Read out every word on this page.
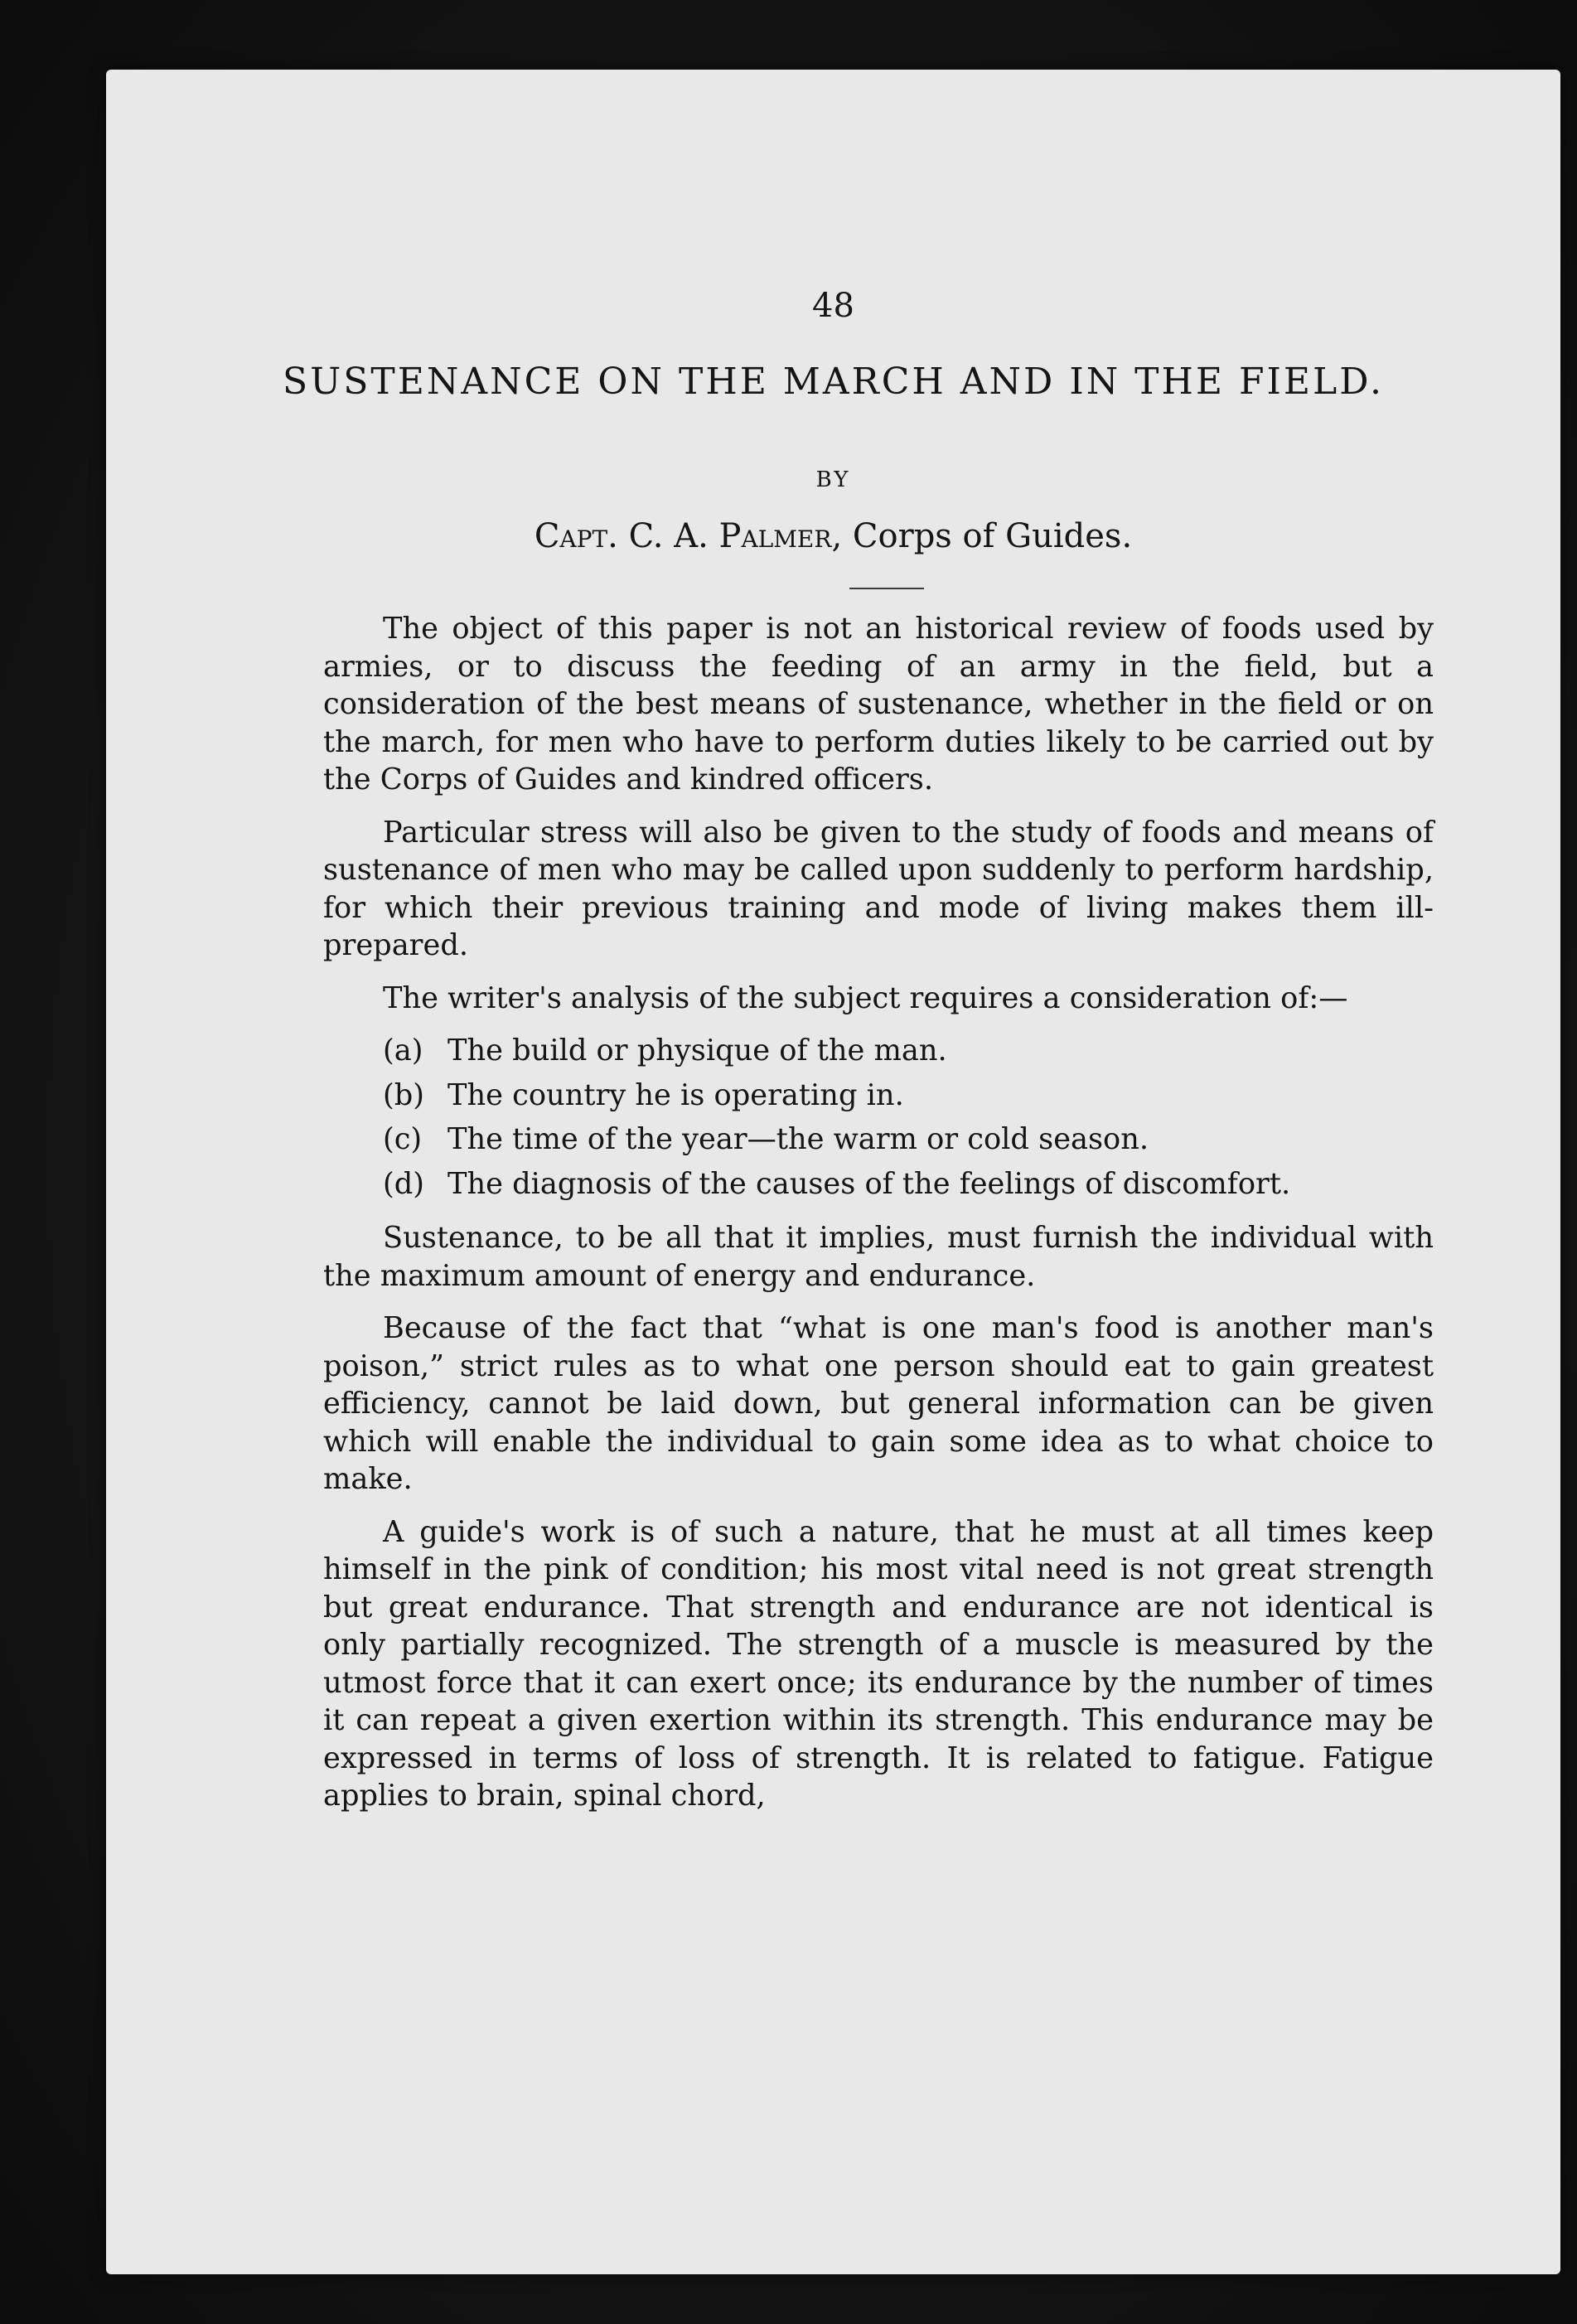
48
SUSTENANCE ON THE MARCH AND IN THE FIELD.
BY
Capt. C. A. Palmer, Corps of Guides.

The object of this paper is not an historical review of foods used by armies, or to discuss the feeding of an army in the field, but a consideration of the best means of sustenance, whether in the field or on the march, for men who have to perform duties likely to be carried out by the Corps of Guides and kindred officers.

Particular stress will also be given to the study of foods and means of sustenance of men who may be called upon suddenly to perform hardship, for which their previous training and mode of living makes them ill-prepared.

The writer's analysis of the subject requires a consideration of:—

(a) The build or physique of the man.
(b) The country he is operating in.
(c) The time of the year—the warm or cold season.
(d) The diagnosis of the causes of the feelings of discomfort.

Sustenance, to be all that it implies, must furnish the individual with the maximum amount of energy and endurance.

Because of the fact that “what is one man's food is another man's poison,” strict rules as to what one person should eat to gain greatest efficiency, cannot be laid down, but general information can be given which will enable the individual to gain some idea as to what choice to make.

A guide's work is of such a nature, that he must at all times keep himself in the pink of condition; his most vital need is not great strength but great endurance. That strength and endurance are not identical is only partially recognized. The strength of a muscle is measured by the utmost force that it can exert once; its endurance by the number of times it can repeat a given exertion within its strength. This endurance may be expressed in terms of loss of strength. It is related to fatigue. Fatigue applies to brain, spinal chord,
